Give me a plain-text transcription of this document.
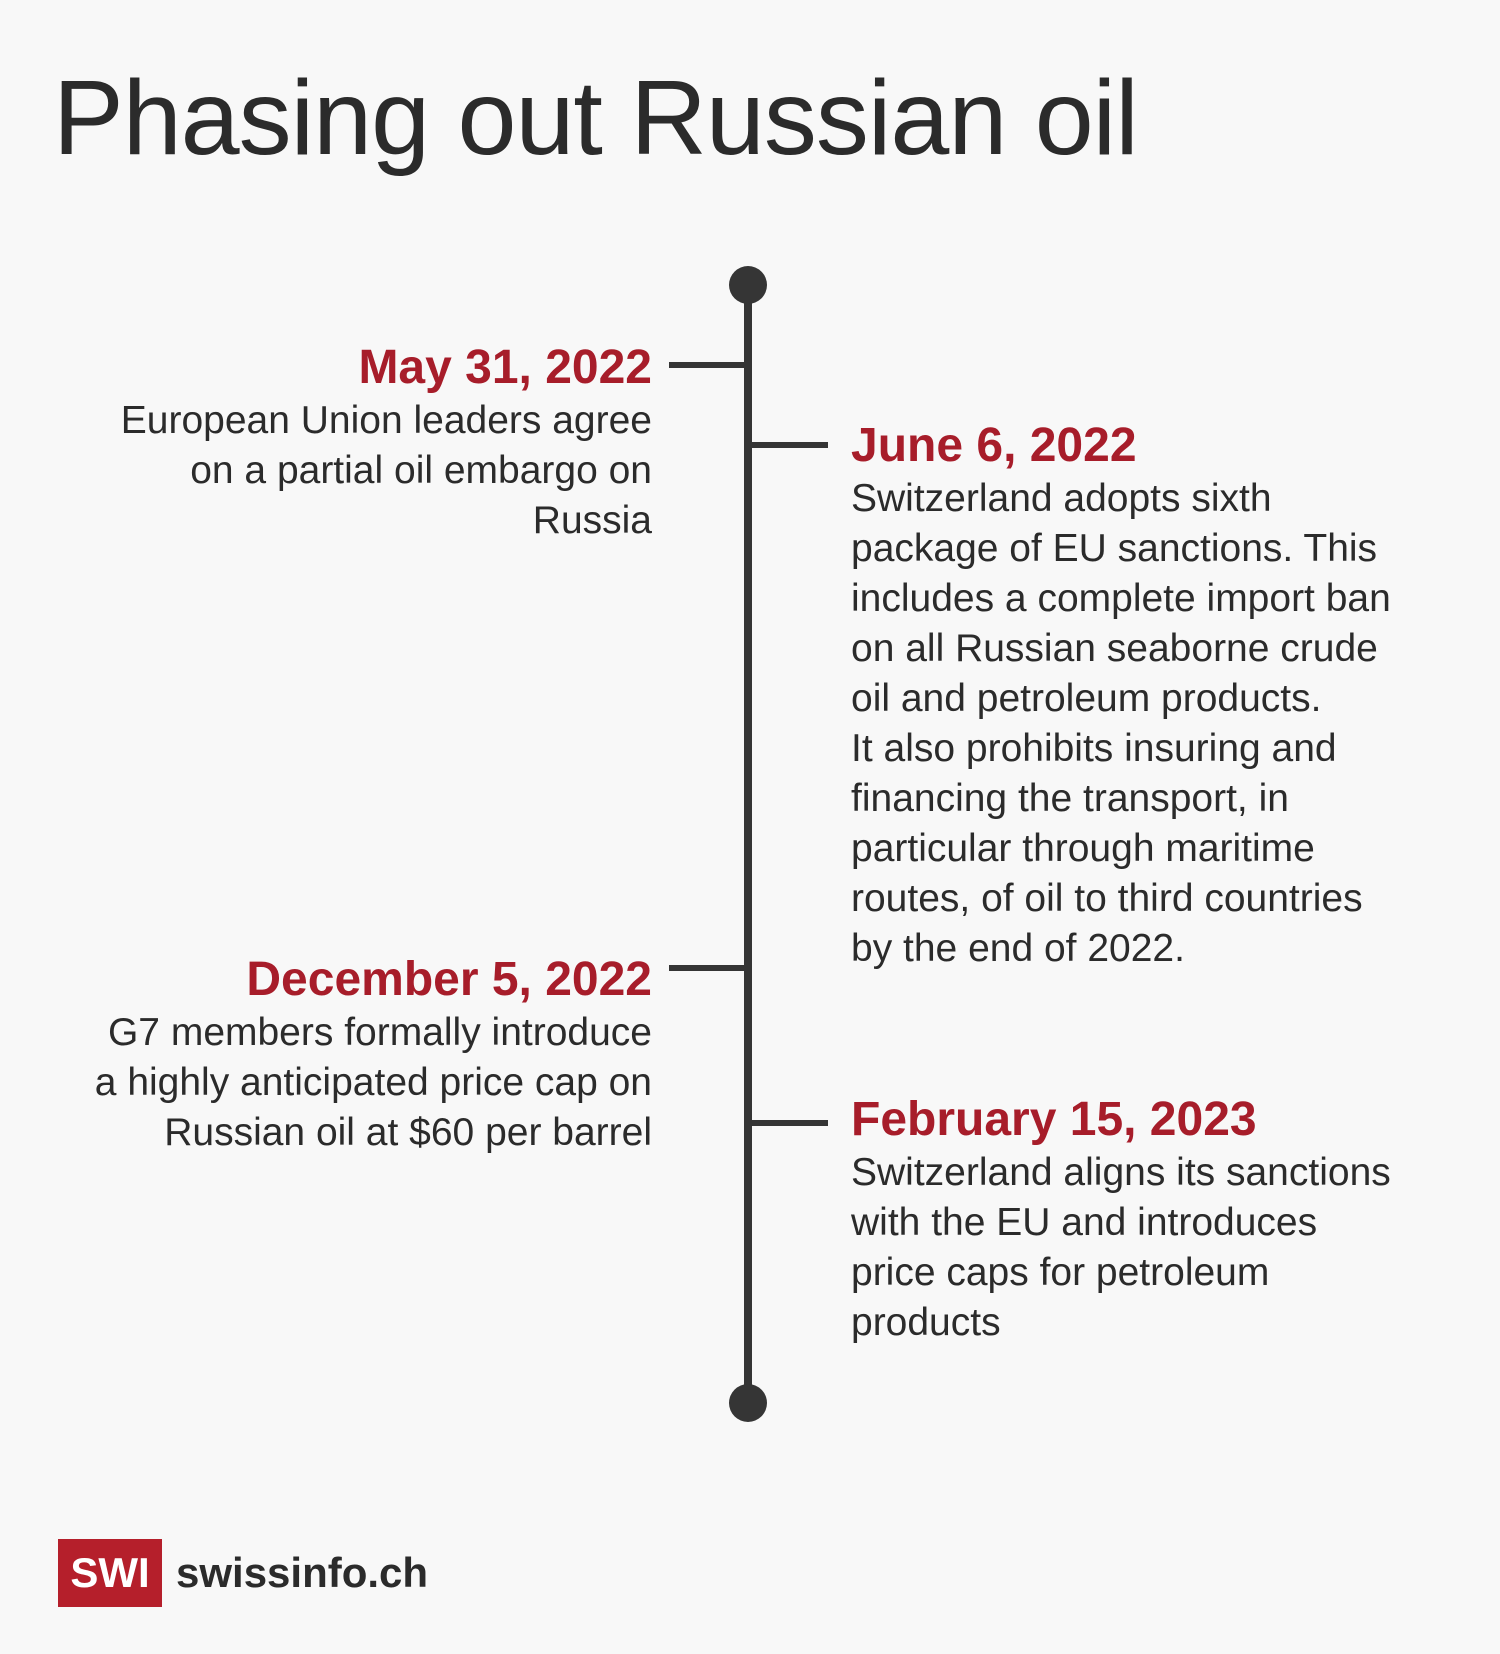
Phasing out Russian oil
May 31, 2022
European Union leaders agree
on a partial oil embargo on
Russia
June 6, 2022
Switzerland adopts sixth
package of EU sanctions. This
includes a complete import ban
on all Russian seaborne crude
oil and petroleum products.
It also prohibits insuring and
financing the transport, in
particular through maritime
routes, of oil to third countries
by the end of 2022.
December 5, 2022
G7 members formally introduce
a highly anticipated price cap on
Russian oil at $60 per barrel	February 15, 2023
Switzerland aligns its sanctions
with the EU and introduces
price caps for petroleum
products
SWI swissinfo.ch
